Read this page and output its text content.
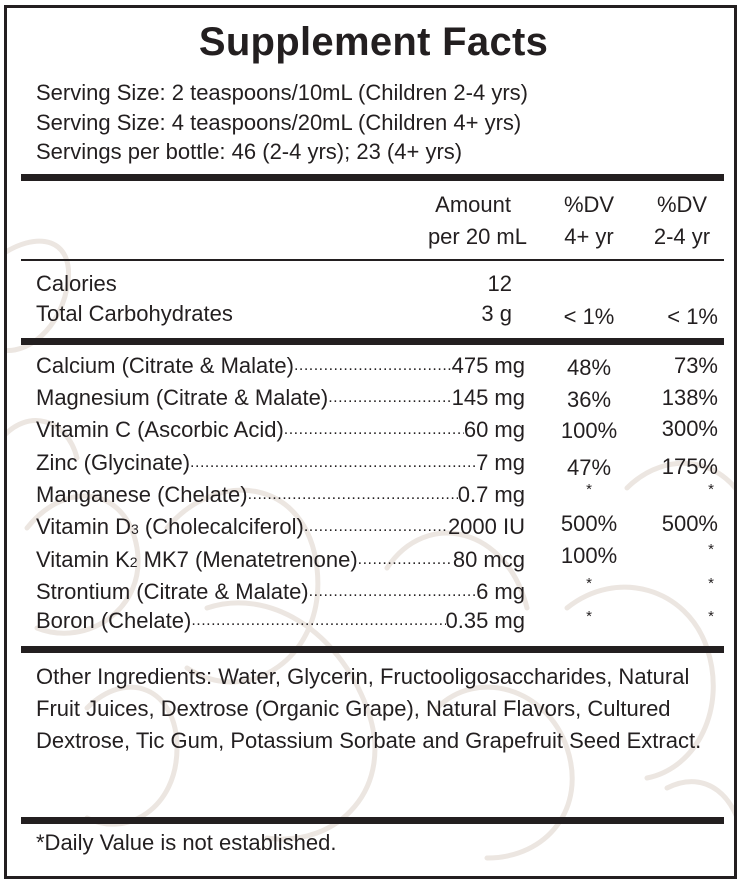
Supplement Facts
Serving Size: 2 teaspoons/10mL (Children 2-4 yrs)
Serving Size: 4 teaspoons/20mL (Children 4+ yrs)
Servings per bottle: 46 (2-4 yrs); 23 (4+ yrs)
Amount
per 20 mL
%DV
4+ yr
%DV
2-4 yr
Calories	12
Total Carbohydrates	3 g	< 1%	< 1%
Calcium (Citrate & Malate) .....	475 mg	48%	73%
Magnesium (Citrate & Malate) .....	145 mg	36%	138%
Vitamin C (Ascorbic Acid) .....	60 mg	100%	300%
Zinc (Glycinate) .....	7 mg	47%	175%
Manganese (Chelate) .....	0.7 mg	*	*
Vitamin D3 (Cholecalciferol) .....	2000 IU	500%	500%
Vitamin K2 MK7 (Menatetrenone) .....	80 mcg	100%	*
Strontium (Citrate & Malate) .....	6 mg	*	*
Boron (Chelate) .....	0.35 mg	*	*
Other Ingredients: Water, Glycerin, Fructooligosaccharides, Natural Fruit Juices, Dextrose (Organic Grape), Natural Flavors, Cultured Dextrose, Tic Gum, Potassium Sorbate and Grapefruit Seed Extract.
*Daily Value is not established.
